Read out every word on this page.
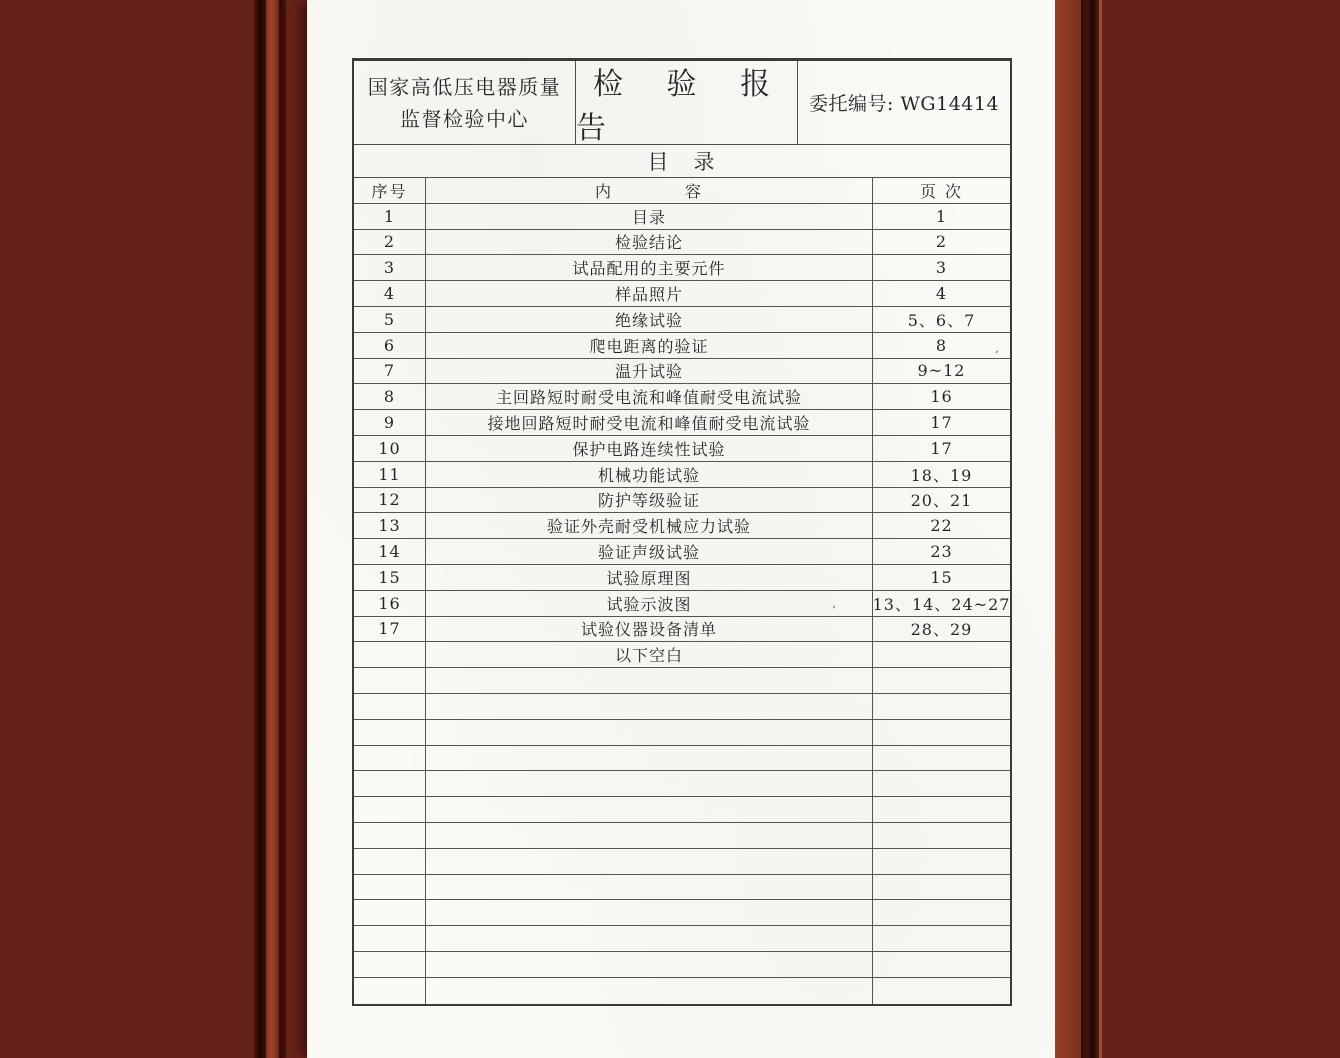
国家高低压电器质量
监督检验中心
检 验 报 告
委托编号: WG14414
目　录
序号	内　　　　容	页 次
1	目录	1
2	检验结论	2
3	试品配用的主要元件	3
4	样品照片	4
5	绝缘试验	5、6、7
6	爬电距离的验证	8
7	温升试验	9~12
8	主回路短时耐受电流和峰值耐受电流试验	16
9	接地回路短时耐受电流和峰值耐受电流试验	17
10	保护电路连续性试验	17
11	机械功能试验	18、19
12	防护等级验证	20、21
13	验证外壳耐受机械应力试验	22
14	验证声级试验	23
15	试验原理图	15
16	试验示波图	13、14、24~27
17	试验仪器设备清单	28、29
以下空白
ʹ
ʹ
